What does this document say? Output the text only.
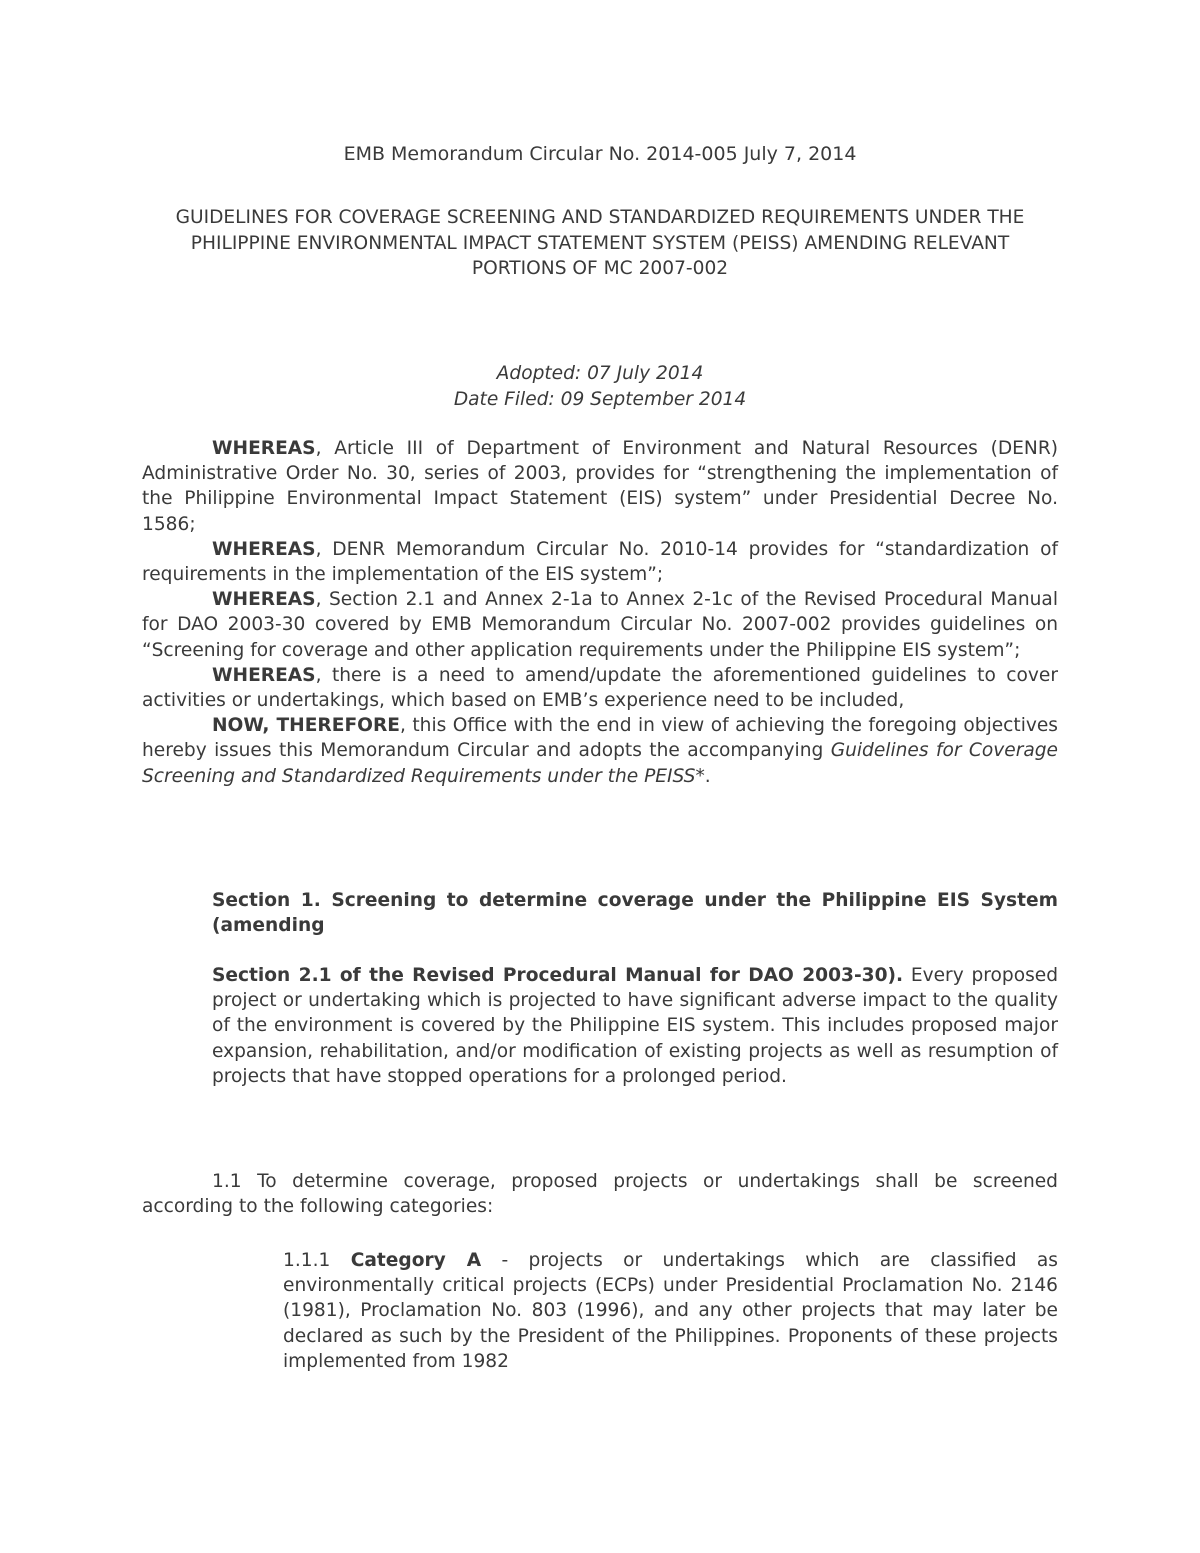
EMB Memorandum Circular No. 2014-005 July 7, 2014
GUIDELINES FOR COVERAGE SCREENING AND STANDARDIZED REQUIREMENTS UNDER THE PHILIPPINE ENVIRONMENTAL IMPACT STATEMENT SYSTEM (PEISS) AMENDING RELEVANT PORTIONS OF MC 2007-002
Adopted: 07 July 2014
Date Filed: 09 September 2014

WHEREAS, Article III of Department of Environment and Natural Resources (DENR) Administrative Order No. 30, series of 2003, provides for “strengthening the implementation of the Philippine Environmental Impact Statement (EIS) system” under Presidential Decree No. 1586;

WHEREAS, DENR Memorandum Circular No. 2010-14 provides for “standardization of requirements in the implementation of the EIS system”;

WHEREAS, Section 2.1 and Annex 2-1a to Annex 2-1c of the Revised Procedural Manual for DAO 2003-30 covered by EMB Memorandum Circular No. 2007-002 provides guidelines on “Screening for coverage and other application requirements under the Philippine EIS system”;

WHEREAS, there is a need to amend/update the aforementioned guidelines to cover activities or undertakings, which based on EMB’s experience need to be included,

NOW, THEREFORE, this Office with the end in view of achieving the foregoing objectives hereby issues this Memorandum Circular and adopts the accompanying Guidelines for Coverage Screening and Standardized Requirements under the PEISS*.

Section 1. Screening to determine coverage under the Philippine EIS System (amending
Section 2.1 of the Revised Procedural Manual for DAO 2003-30). Every proposed project or undertaking which is projected to have significant adverse impact to the quality of the environment is covered by the Philippine EIS system. This includes proposed major expansion, rehabilitation, and/or modification of existing projects as well as resumption of projects that have stopped operations for a prolonged period.

1.1 To determine coverage, proposed projects or undertakings shall be screened according to the following categories:

1.1.1 Category A - projects or undertakings which are classified as environmentally critical projects (ECPs) under Presidential Proclamation No. 2146 (1981), Proclamation No. 803 (1996), and any other projects that may later be declared as such by the President of the Philippines. Proponents of these projects implemented from 1982
